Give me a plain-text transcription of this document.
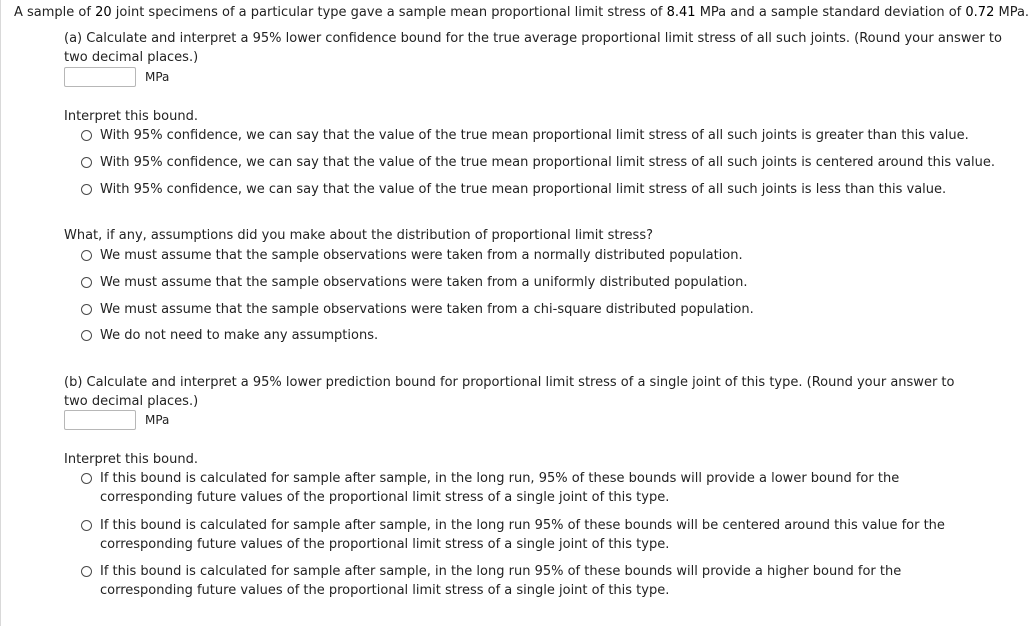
A sample of 20 joint specimens of a particular type gave a sample mean proportional limit stress of 8.41 MPa and a sample standard deviation of 0.72 MPa.
(a) Calculate and interpret a 95% lower confidence bound for the true average proportional limit stress of all such joints. (Round your answer to two decimal places.)
MPa
Interpret this bound.
With 95% confidence, we can say that the value of the true mean proportional limit stress of all such joints is greater than this value.
With 95% confidence, we can say that the value of the true mean proportional limit stress of all such joints is centered around this value.
With 95% confidence, we can say that the value of the true mean proportional limit stress of all such joints is less than this value.
What, if any, assumptions did you make about the distribution of proportional limit stress?
We must assume that the sample observations were taken from a normally distributed population.
We must assume that the sample observations were taken from a uniformly distributed population.
We must assume that the sample observations were taken from a chi-square distributed population.
We do not need to make any assumptions.
(b) Calculate and interpret a 95% lower prediction bound for proportional limit stress of a single joint of this type. (Round your answer to two decimal places.)
MPa
Interpret this bound.
If this bound is calculated for sample after sample, in the long run, 95% of these bounds will provide a lower bound for the corresponding future values of the proportional limit stress of a single joint of this type.
If this bound is calculated for sample after sample, in the long run 95% of these bounds will be centered around this value for the corresponding future values of the proportional limit stress of a single joint of this type.
If this bound is calculated for sample after sample, in the long run 95% of these bounds will provide a higher bound for the corresponding future values of the proportional limit stress of a single joint of this type.
